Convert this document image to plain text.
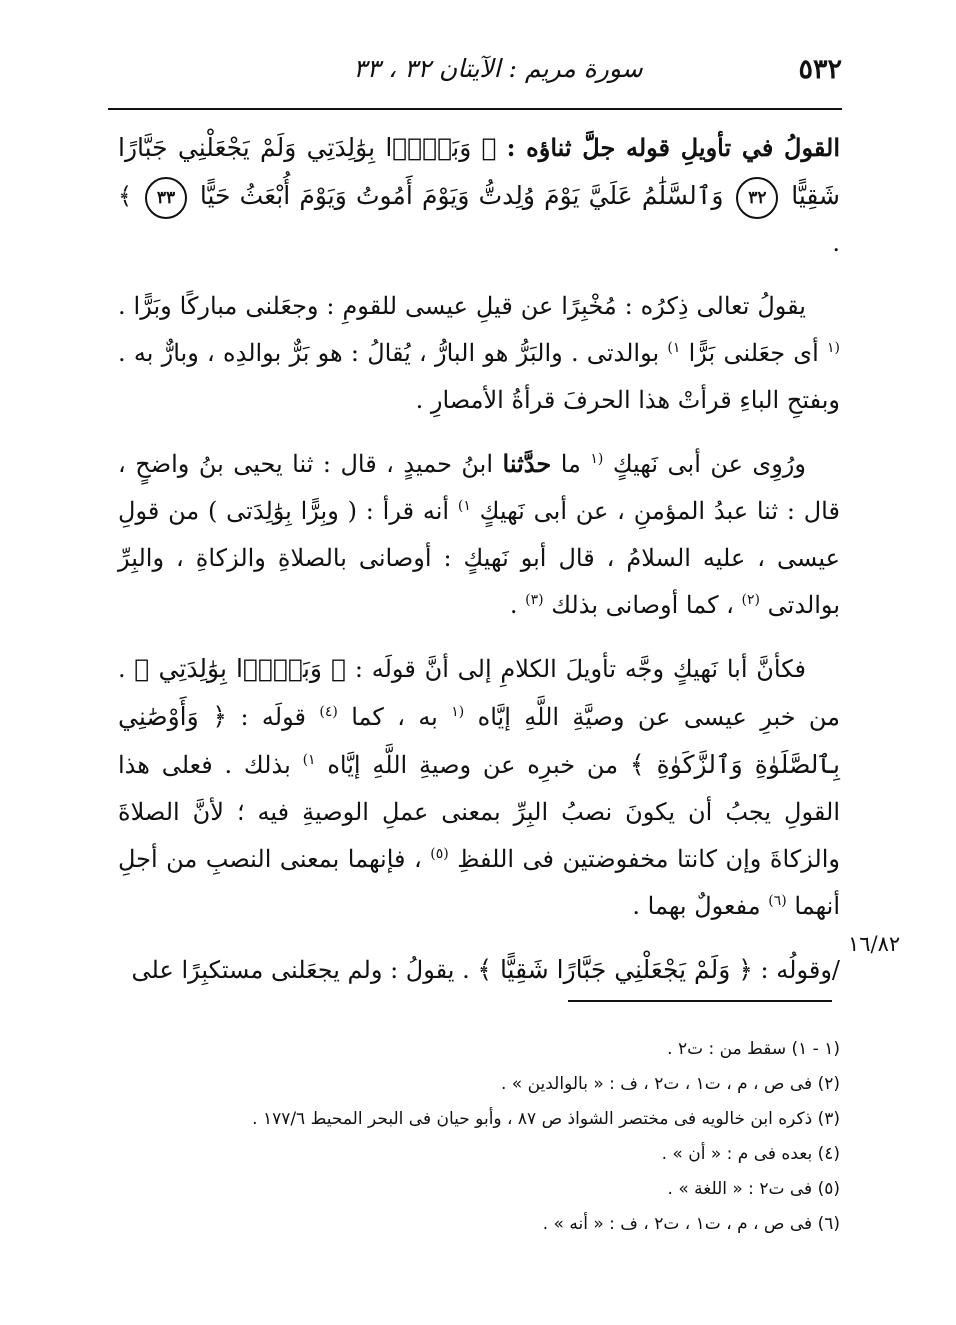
٥٣٢
سورة مريم : الآيتان ٣٢ ، ٣٣

القولُ في تأويلِ قوله جلَّ ثناؤه : ﴿ وَبَرًّۢا بِوَٰلِدَتِي وَلَمْ يَجْعَلْنِي جَبَّارًا شَقِيًّا ٣٢ وَٱلسَّلَٰمُ عَلَيَّ يَوْمَ وُلِدتُّ وَيَوْمَ أَمُوتُ وَيَوْمَ أُبْعَثُ حَيًّا ٣٣ ﴾ .

يقولُ تعالى ذِكرُه : مُخْبِرًا عن قيلِ عيسى للقومِ : وجعَلنى مباركًا وبَرًّا . $^{(١}$ أى جعَلنى بَرًّا $^{١)}$ بوالدتى . والبَرُّ هو البارُّ ، يُقالُ : هو بَرٌّ بوالدِه ، وبارٌّ به . وبفتحِ الباءِ قرأتْ هذا الحرفَ قرأةُ الأمصارِ .

ورُوِى عن أبى نَهيكٍ $^{(١}$ ما حدَّثنا ابنُ حميدٍ ، قال : ثنا يحيى بنُ واضحٍ ، قال : ثنا عبدُ المؤمنِ ، عن أبى نَهيكٍ $^{١)}$ أنه قرأ : ( وبِرًّا بِوَٰلِدَتى ) من قولِ عيسى ، عليه السلامُ ، قال أبو نَهيكٍ : أوصانى بالصلاةِ والزكاةِ ، والبِرِّ بوالدتى $^{(٢)}$ ، كما أوصانى بذلك $^{(٣)}$ .

فكأنَّ أبا نَهيكٍ وجَّه تأويلَ الكلامِ إلى أنَّ قولَه : ﴿ وَبَرًّۢا بِوَٰلِدَتِي ﴾ . من خبرِ عيسى عن وصيَّةِ اللَّهِ إيَّاه $^{(١}$ به ، كما $^{(٤)}$ قولَه : ﴿ وَأَوْصَٰنِي بِٱلصَّلَوٰةِ وَٱلزَّكَوٰةِ ﴾ من خبرِه عن وصيةِ اللَّهِ إيَّاه $^{١)}$ بذلك . فعلى هذا القولِ يجبُ أن يكونَ نصبُ البِرِّ بمعنى عملِ الوصيةِ فيه ؛ لأنَّ الصلاةَ والزكاةَ وإن كانتا مخفوضتين فى اللفظِ $^{(٥)}$ ، فإنهما بمعنى النصبِ من أجلِ أنهما $^{(٦)}$ مفعولٌ بهما .

/وقولُه : ﴿ وَلَمْ يَجْعَلْنِي جَبَّارًا شَقِيًّا ﴾ . يقولُ : ولم يجعَلنى مستكبِرًا على

١٦/٨٢

(١ - ١) سقط من : ت٢ .

(٢) فى ص ، م ، ت١ ، ت٢ ، ف : « بالوالدين » .

(٣) ذكره ابن خالويه فى مختصر الشواذ ص ٨٧ ، وأبو حيان فى البحر المحيط ١٧٧/٦ .

(٤) بعده فى م : « أن » .

(٥) فى ت٢ : « اللغة » .

(٦) فى ص ، م ، ت١ ، ت٢ ، ف : « أنه » .
